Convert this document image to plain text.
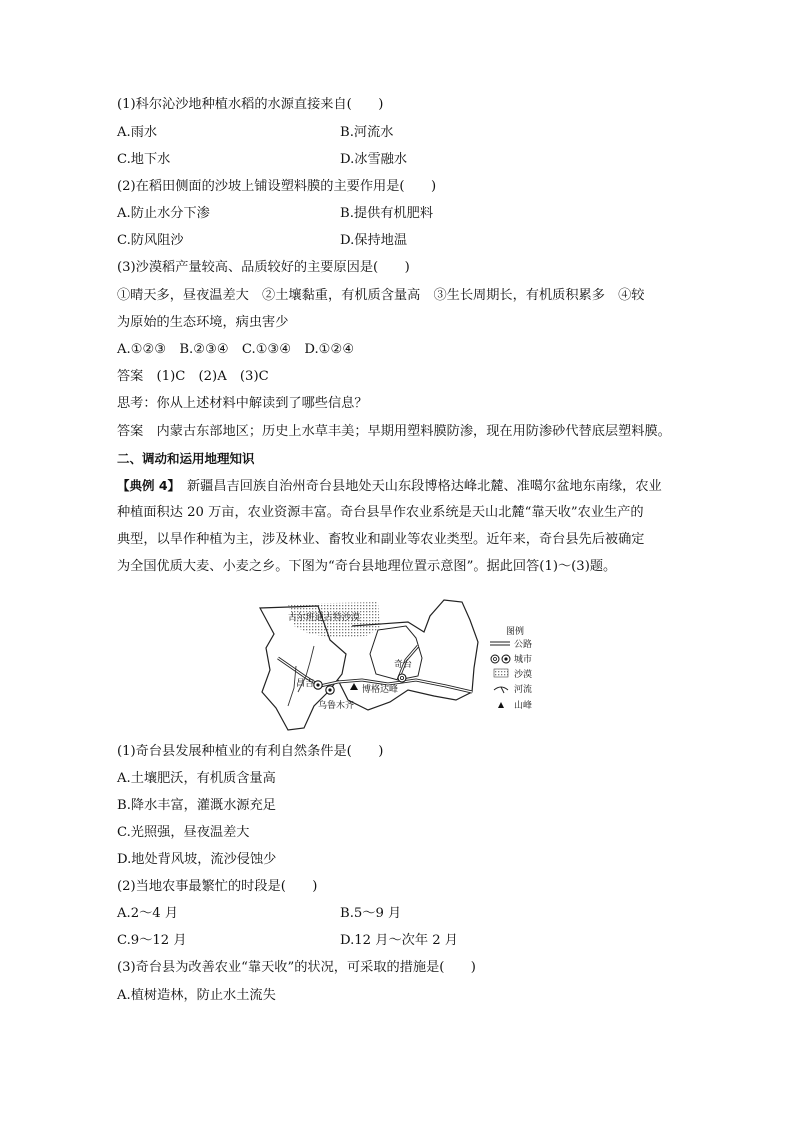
(1)科尔沁沙地种植水稻的水源直接来自(　　)
A.雨水	B.河流水
C.地下水	D.冰雪融水
(2)在稻田侧面的沙坡上铺设塑料膜的主要作用是(　　)
A.防止水分下渗	B.提供有机肥料
C.防风阻沙	D.保持地温
(3)沙漠稻产量较高、品质较好的主要原因是(　　)
①晴天多，昼夜温差大　②土壤黏重，有机质含量高　③生长周期长，有机质积累多　④较
为原始的生态环境，病虫害少
A.①②③　B.②③④　C.①③④　D.①②④
答案　(1)C　(2)A　(3)C
思考：你从上述材料中解读到了哪些信息？
答案　内蒙古东部地区；历史上水草丰美；早期用塑料膜防渗，现在用防渗砂代替底层塑料膜。
二、调动和运用地理知识
【典例 4】　新疆昌吉回族自治州奇台县地处天山东段博格达峰北麓、准噶尔盆地东南缘，农业
种植面积达 20 万亩，农业资源丰富。奇台县旱作农业系统是天山北麓“靠天收”农业生产的
典型，以旱作种植为主，涉及林业、畜牧业和副业等农业类型。近年来，奇台县先后被确定
为全国优质大麦、小麦之乡。下图为“奇台县地理位置示意图”。据此回答(1)～(3)题。
古尔班通古特沙漠
奇台
昌吉
博格达峰
乌鲁木齐
图例
公路
城市
沙漠
河流
山峰
(1)奇台县发展种植业的有利自然条件是(　　)
A.土壤肥沃，有机质含量高
B.降水丰富，灌溉水源充足
C.光照强，昼夜温差大
D.地处背风坡，流沙侵蚀少
(2)当地农事最繁忙的时段是(　　)
A.2～4 月	B.5～9 月
C.9～12 月	D.12 月～次年 2 月
(3)奇台县为改善农业“靠天收”的状况，可采取的措施是(　　)
A.植树造林，防止水土流失
